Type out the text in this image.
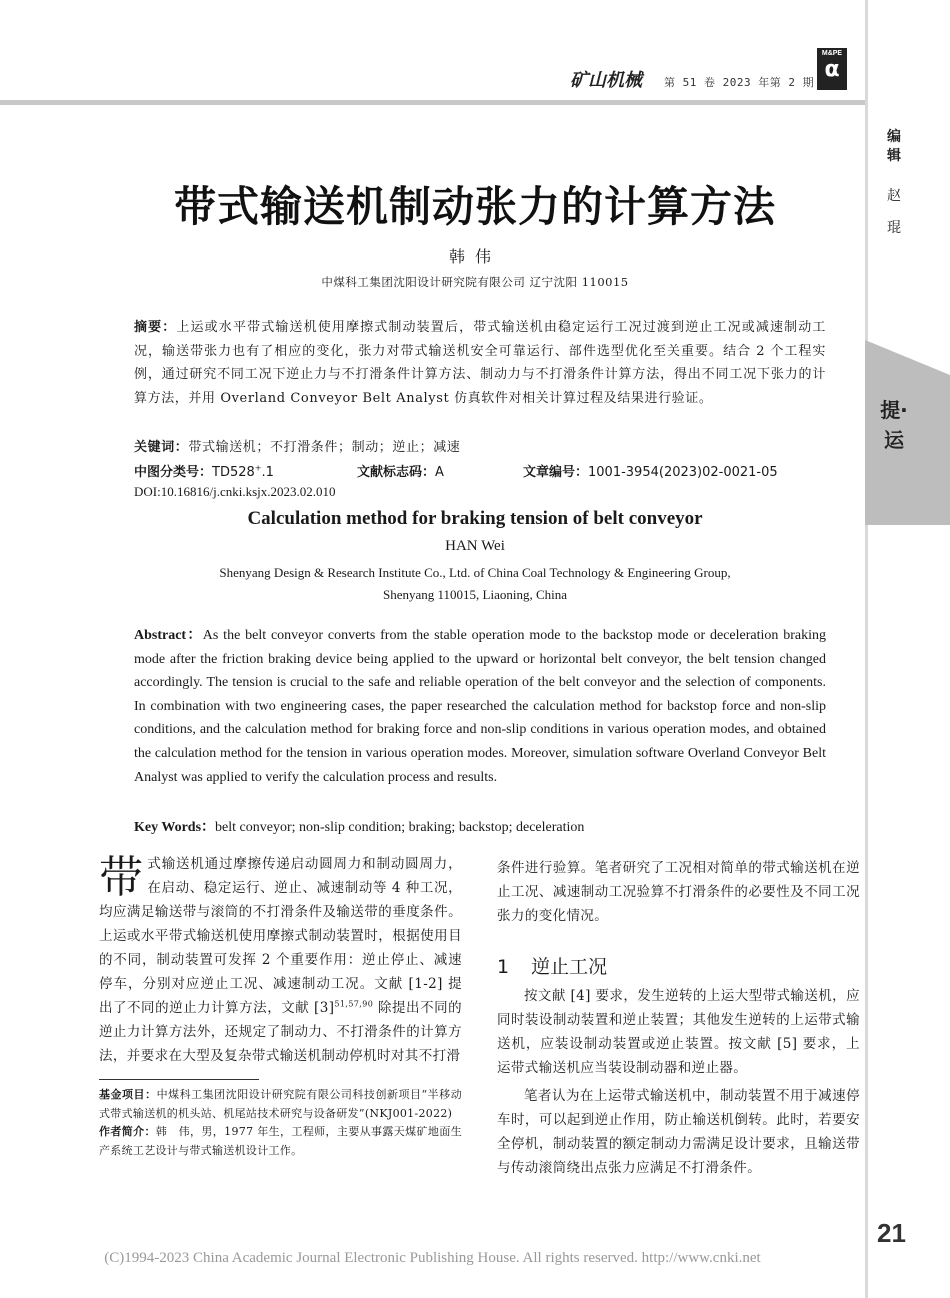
矿山机械 第 51 卷 2023 年第 2 期
M&PE
α
编辑
赵琨
提·运
21
带式输送机制动张力的计算方法
韩伟
中煤科工集团沈阳设计研究院有限公司 辽宁沈阳 110015
摘要：上运或水平带式输送机使用摩擦式制动装置后，带式输送机由稳定运行工况过渡到逆止工况或减速制动工况，输送带张力也有了相应的变化，张力对带式输送机安全可靠运行、部件选型优化至关重要。结合 2 个工程实例，通过研究不同工况下逆止力与不打滑条件计算方法、制动力与不打滑条件计算方法，得出不同工况下张力的计算方法，并用 Overland Conveyor Belt Analyst 仿真软件对相关计算过程及结果进行验证。
关键词：带式输送机；不打滑条件；制动；逆止；减速
中图分类号：TD528+.1	文献标志码：A	文章编号：1001-3954(2023)02-0021-05
DOI:10.16816/j.cnki.ksjx.2023.02.010
Calculation method for braking tension of belt conveyor
HAN Wei
Shenyang Design & Research Institute Co., Ltd. of China Coal Technology & Engineering Group,
Shenyang 110015, Liaoning, China
Abstract：As the belt conveyor converts from the stable operation mode to the backstop mode or deceleration braking mode after the friction braking device being applied to the upward or horizontal belt conveyor, the belt tension changed accordingly. The tension is crucial to the safe and reliable operation of the belt conveyor and the selection of components. In combination with two engineering cases, the paper researched the calculation method for backstop force and non-slip conditions, and the calculation method for braking force and non-slip conditions in various operation modes, and obtained the calculation method for the tension in various operation modes. Moreover, simulation software Overland Conveyor Belt Analyst was applied to verify the calculation process and results.
Key Words：belt conveyor; non-slip condition; braking; backstop; deceleration
带式输送机通过摩擦传递启动圆周力和制动圆周力，在启动、稳定运行、逆止、减速制动等 4 种工况，均应满足输送带与滚筒的不打滑条件及输送带的垂度条件。上运或水平带式输送机使用摩擦式制动装置时，根据使用目的不同，制动装置可发挥 2 个重要作用：逆止停止、减速停车，分别对应逆止工况、减速制动工况。文献 [1-2] 提出了不同的逆止力计算方法，文献 $[3]^{51,57,90}$ 除提出不同的逆止力计算方法外，还规定了制动力、不打滑条件的计算方法，并要求在大型及复杂带式输送机制动停机时对其不打滑
基金项目：中煤科工集团沈阳设计研究院有限公司科技创新项目“半移动式带式输送机的机头站、机尾站技术研究与设备研发”(NKJ001-2022)
作者简介：韩　伟，男，1977 年生，工程师，主要从事露天煤矿地面生产系统工艺设计与带式输送机设计工作。
条件进行验算。笔者研究了工况相对简单的带式输送机在逆止工况、减速制动工况验算不打滑条件的必要性及不同工况张力的变化情况。
1 逆止工况
按文献 [4] 要求，发生逆转的上运大型带式输送机，应同时装设制动装置和逆止装置；其他发生逆转的上运带式输送机，应装设制动装置或逆止装置。按文献 [5] 要求，上运带式输送机应当装设制动器和逆止器。
笔者认为在上运带式输送机中，制动装置不用于减速停车时，可以起到逆止作用，防止输送机倒转。此时，若要安全停机，制动装置的额定制动力需满足设计要求，且输送带与传动滚筒绕出点张力应满足不打滑条件。
(C)1994-2023 China Academic Journal Electronic Publishing House. All rights reserved. http://www.cnki.net
